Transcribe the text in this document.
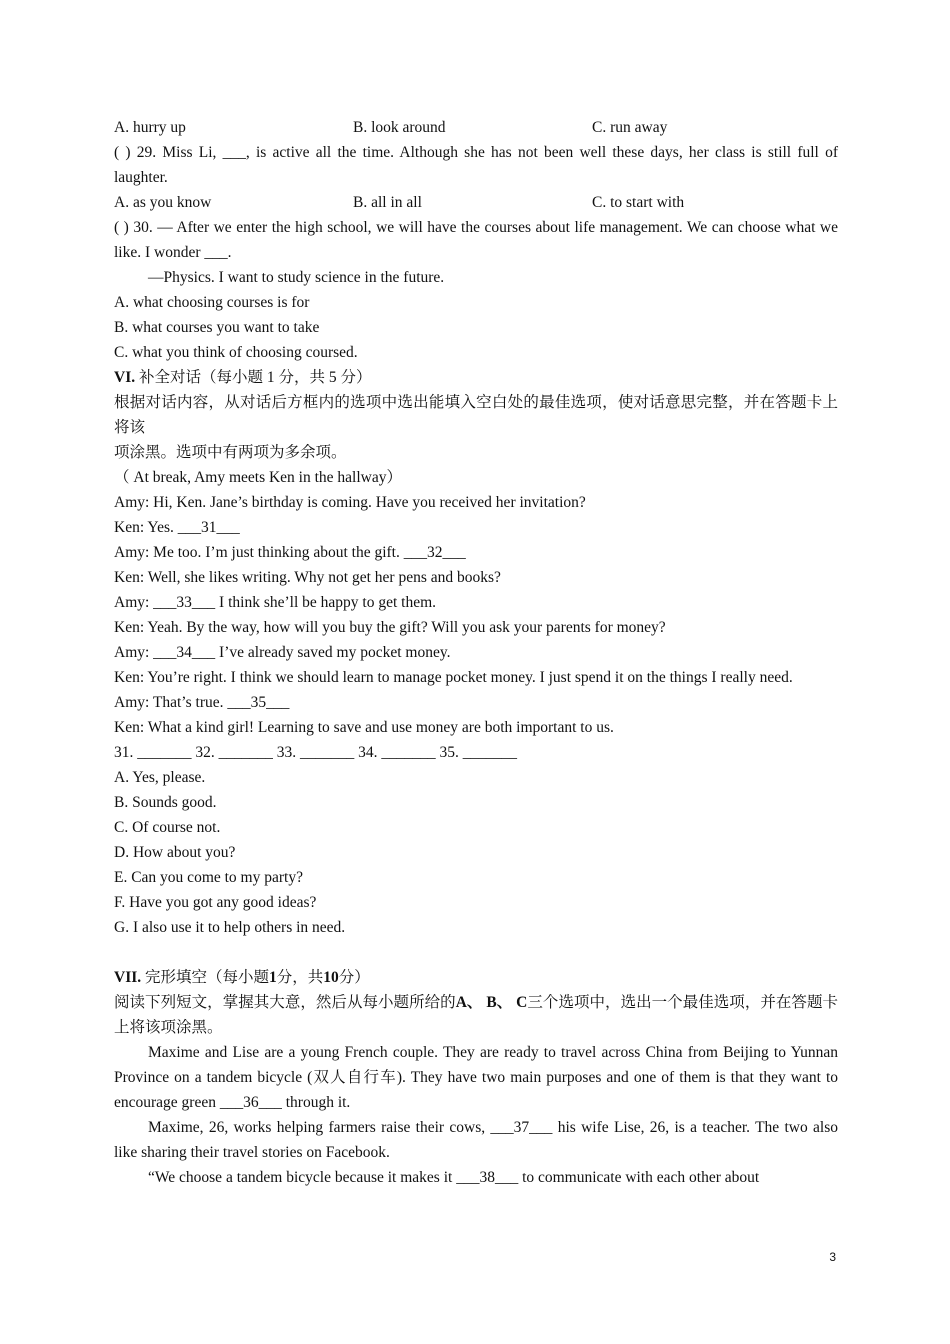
A. hurry up	B. look around	C. run away
( ) 29. Miss Li, ___, is active all the time. Although she has not been well these days, her class is still full of laughter.
A. as you know	B. all in all	C. to start with
( ) 30. — After we enter the high school, we will have the courses about life management. We can choose what we like. I wonder ___.
—Physics. I want to study science in the future.
A. what choosing courses is for
B. what courses you want to take
C. what you think of choosing coursed.
VI. 补全对话（每小题 1 分，共 5 分）
根据对话内容，从对话后方框内的选项中选出能填入空白处的最佳选项，使对话意思完整，并在答题卡上将该
项涂黑。选项中有两项为多余项。
（ At break, Amy meets Ken in the hallway）
Amy: Hi, Ken. Jane’s birthday is coming. Have you received her invitation?
Ken: Yes. ___31___
Amy: Me too. I’m just thinking about the gift. ___32___
Ken: Well, she likes writing. Why not get her pens and books?
Amy: ___33___ I think she’ll be happy to get them.
Ken: Yeah. By the way, how will you buy the gift? Will you ask your parents for money?
Amy: ___34___ I’ve already saved my pocket money.
Ken: You’re right. I think we should learn to manage pocket money. I just spend it on the things I really need.
Amy: That’s true. ___35___
Ken: What a kind girl! Learning to save and use money are both important to us.
31. _______ 32. _______ 33. _______ 34. _______ 35. _______
A. Yes, please.
B. Sounds good.
C. Of course not.
D. How about you?
E. Can you come to my party?
F. Have you got any good ideas?
G. I also use it to help others in need.
VII. 完形填空（每小题1分，共10分）
阅读下列短文，掌握其大意，然后从每小题所给的A、 B、 C三个选项中，选出一个最佳选项，并在答题卡上将该项涂黑。
Maxime and Lise are a young French couple. They are ready to travel across China from Beijing to Yunnan Province on a tandem bicycle (双人自行车). They have two main purposes and one of them is that they want to encourage green ___36___ through it.
Maxime, 26, works helping farmers raise their cows, ___37___ his wife Lise, 26, is a teacher. The two also like sharing their travel stories on Facebook.
“We choose a tandem bicycle because it makes it ___38___ to communicate with each other about
3
